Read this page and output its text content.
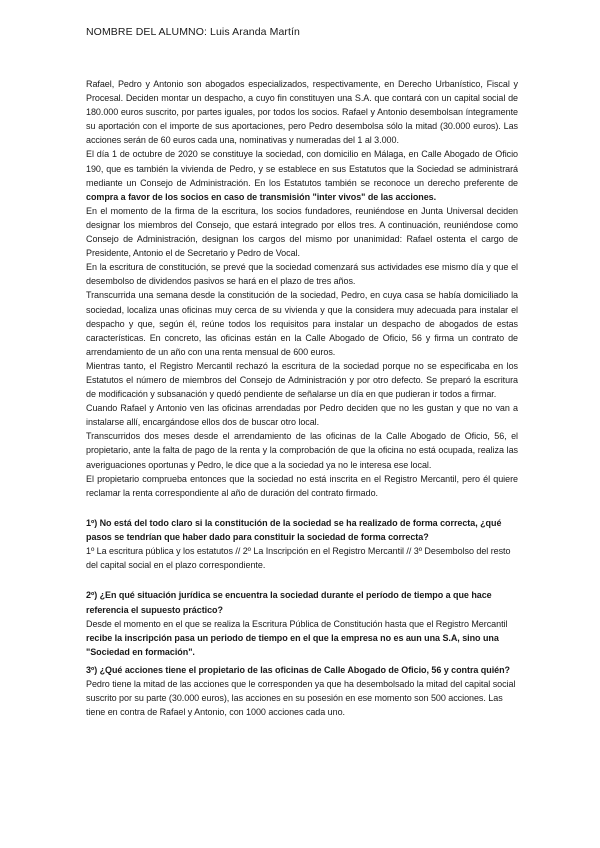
NOMBRE DEL ALUMNO: Luis Aranda Martín

Rafael, Pedro y Antonio son abogados especializados, respectivamente, en Derecho Urbanístico, Fiscal y Procesal. Deciden montar un despacho, a cuyo fin constituyen una S.A. que contará con un capital social de 180.000 euros suscrito, por partes iguales, por todos los socios. Rafael y Antonio desembolsan íntegramente su aportación con el importe de sus aportaciones, pero Pedro desembolsa sólo la mitad (30.000 euros). Las acciones serán de 60 euros cada una, nominativas y numeradas del 1 al 3.000.

El día 1 de octubre de 2020 se constituye la sociedad, con domicilio en Málaga, en Calle Abogado de Oficio 190, que es también la vivienda de Pedro, y se establece en sus Estatutos que la Sociedad se administrará mediante un Consejo de Administración. En los Estatutos también se reconoce un derecho preferente de compra a favor de los socios en caso de transmisión "inter vivos" de las acciones.

En el momento de la firma de la escritura, los socios fundadores, reuniéndose en Junta Universal deciden designar los miembros del Consejo, que estará integrado por ellos tres. A continuación, reuniéndose como Consejo de Administración, designan los cargos del mismo por unanimidad: Rafael ostenta el cargo de Presidente, Antonio el de Secretario y Pedro de Vocal.

En la escritura de constitución, se prevé que la sociedad comenzará sus actividades ese mismo día y que el desembolso de dividendos pasivos se hará en el plazo de tres años.

Transcurrida una semana desde la constitución de la sociedad, Pedro, en cuya casa se había domiciliado la sociedad, localiza unas oficinas muy cerca de su vivienda y que la considera muy adecuada para instalar el despacho y que, según él, reúne todos los requisitos para instalar un despacho de abogados de estas características. En concreto, las oficinas están en la Calle Abogado de Oficio, 56 y firma un contrato de arrendamiento de un año con una renta mensual de 600 euros.

Mientras tanto, el Registro Mercantil rechazó la escritura de la sociedad porque no se especificaba en los Estatutos el número de miembros del Consejo de Administración y por otro defecto. Se preparó la escritura de modificación y subsanación y quedó pendiente de señalarse un día en que pudieran ir todos a firmar.

Cuando Rafael y Antonio ven las oficinas arrendadas por Pedro deciden que no les gustan y que no van a instalarse allí, encargándose ellos dos de buscar otro local.

Transcurridos dos meses desde el arrendamiento de las oficinas de la Calle Abogado de Oficio, 56, el propietario, ante la falta de pago de la renta y la comprobación de que la oficina no está ocupada, realiza las averiguaciones oportunas y Pedro, le dice que a la sociedad ya no le interesa ese local.

El propietario comprueba entonces que la sociedad no está inscrita en el Registro Mercantil, pero él quiere reclamar la renta correspondiente al año de duración del contrato firmado.

1º) No está del todo claro si la constitución de la sociedad se ha realizado de forma correcta, ¿qué pasos se tendrían que haber dado para constituir la sociedad de forma correcta?

1º La escritura pública y los estatutos // 2º La Inscripción en el Registro Mercantil // 3º Desembolso del resto del capital social en el plazo correspondiente.

2º) ¿En qué situación jurídica se encuentra la sociedad durante el período de tiempo a que hace referencia el supuesto práctico?

Desde el momento en el que se realiza la Escritura Pública de Constitución hasta que el Registro Mercantil recibe la inscripción pasa un periodo de tiempo en el que la empresa no es aun una S.A, sino una "Sociedad en formación".

3º) ¿Qué acciones tiene el propietario de las oficinas de Calle Abogado de Oficio, 56 y contra quién?

Pedro tiene la mitad de las acciones que le corresponden ya que ha desembolsado la mitad del capital social suscrito por su parte (30.000 euros), las acciones en su posesión en ese momento son 500 acciones. Las tiene en contra de Rafael y Antonio, con 1000 acciones cada uno.
